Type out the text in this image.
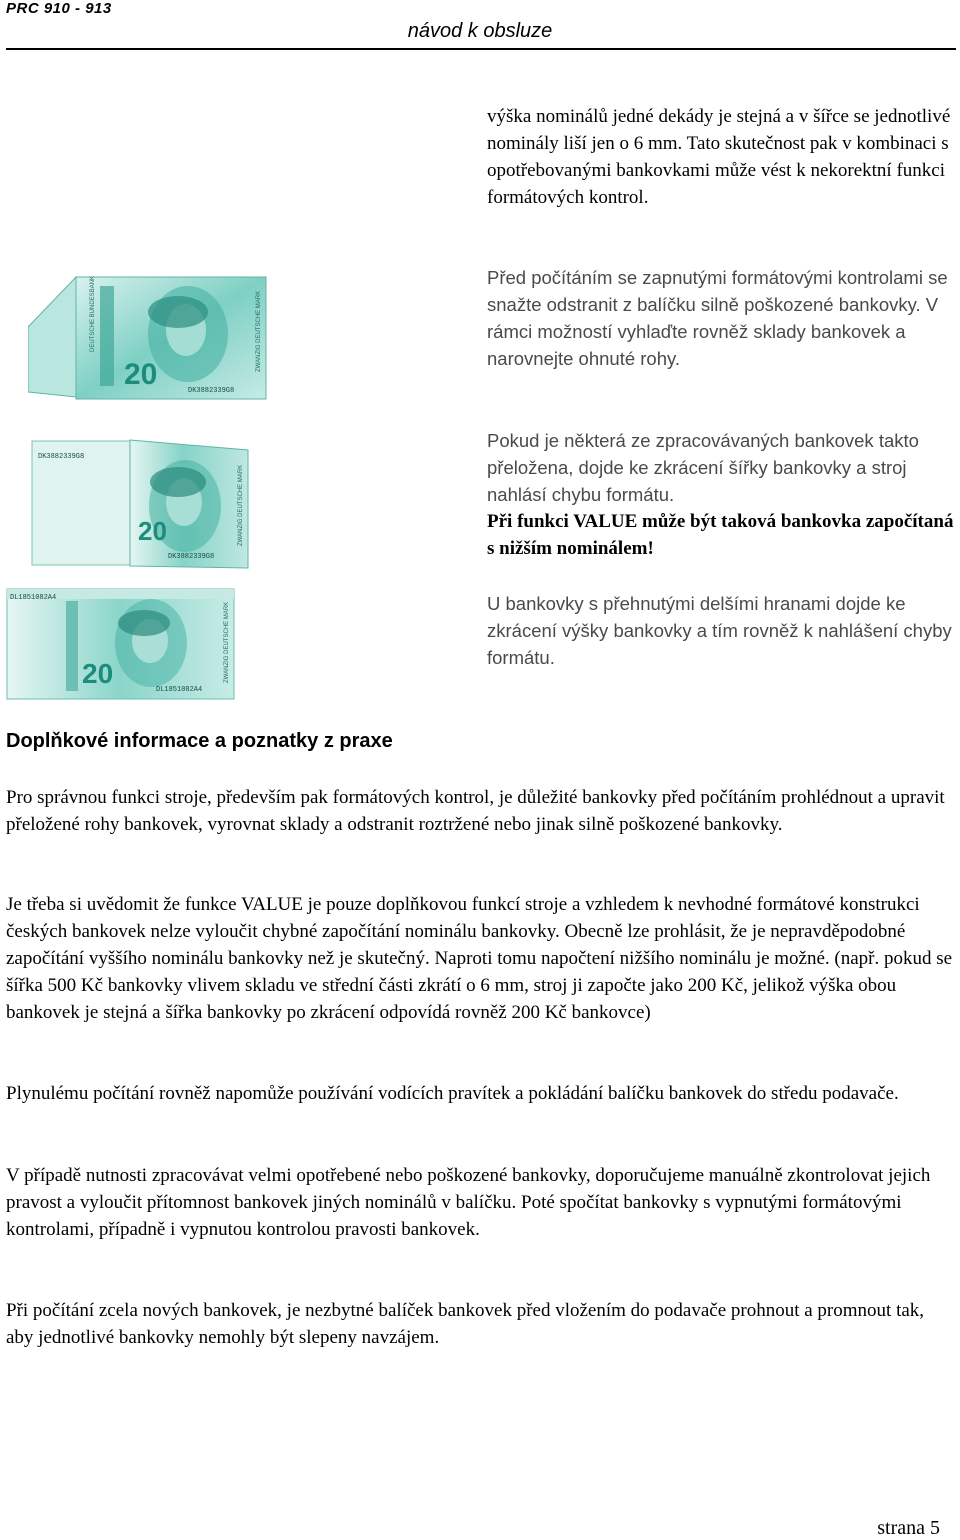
PRC 910 - 913
návod k obsluze

výška nominálů jedné dekády je stejná a v šířce se jednotlivé nominály liší jen o 6 mm. Tato skutečnost pak v kombinaci s opotřebovanými bankovkami může vést k nekorektní funkci formátových kontrol.

Před počítáním se zapnutými formátovými kontrolami se snažte odstranit z balíčku silně poškozené bankovky. V rámci možností vyhlaďte rovněž sklady bankovek a narovnejte ohnuté rohy.

Pokud je některá ze zpracovávaných bankovek takto přeložena, dojde ke zkrácení šířky bankovky a stroj nahlásí chybu formátu.

Při funkci VALUE může být taková bankovka započítaná s nižším nominálem!

U bankovky s přehnutými delšími hranami dojde ke zkrácení výšky bankovky a tím rovněž k nahlášení chyby formátu.

DEUTSCHE BUNDESBANK
20	DK3882339G8
ZWANZIG DEUTSCHE MARK
DK3882339G8
20
DK3882339G8
ZWANZIG DEUTSCHE MARK
DL1851082A4
20
DL1851082A4
ZWANZIG DEUTSCHE MARK
Doplňkové informace a poznatky z praxe

Pro správnou funkci stroje, především pak formátových kontrol, je důležité bankovky před počítáním prohlédnout a upravit přeložené rohy bankovek, vyrovnat sklady a odstranit roztržené nebo jinak silně poškozené bankovky.

Je třeba si uvědomit že funkce VALUE je pouze doplňkovou funkcí stroje a vzhledem k nevhodné formátové konstrukci českých bankovek nelze vyloučit chybné započítání nominálu bankovky. Obecně lze prohlásit, že je nepravděpodobné započítání vyššího nominálu bankovky než je skutečný. Naproti tomu napočtení nižšího nominálu je možné. (např. pokud se šířka 500 Kč bankovky vlivem skladu ve střední části zkrátí o 6 mm, stroj ji započte jako 200 Kč, jelikož výška obou bankovek je stejná a šířka bankovky po zkrácení odpovídá rovněž 200 Kč bankovce)

Plynulému počítání rovněž napomůže používání vodících pravítek a pokládání balíčku bankovek do středu podavače.

V případě nutnosti zpracovávat velmi opotřebené nebo poškozené bankovky, doporučujeme manuálně zkontrolovat jejich pravost a vyloučit přítomnost bankovek jiných nominálů v balíčku. Poté spočítat bankovky s vypnutými formátovými kontrolami, případně i vypnutou kontrolou pravosti bankovek.

Při počítání zcela nových bankovek, je nezbytné balíček bankovek před vložením do podavače prohnout a promnout tak, aby jednotlivé bankovky nemohly být slepeny navzájem.

strana 5
